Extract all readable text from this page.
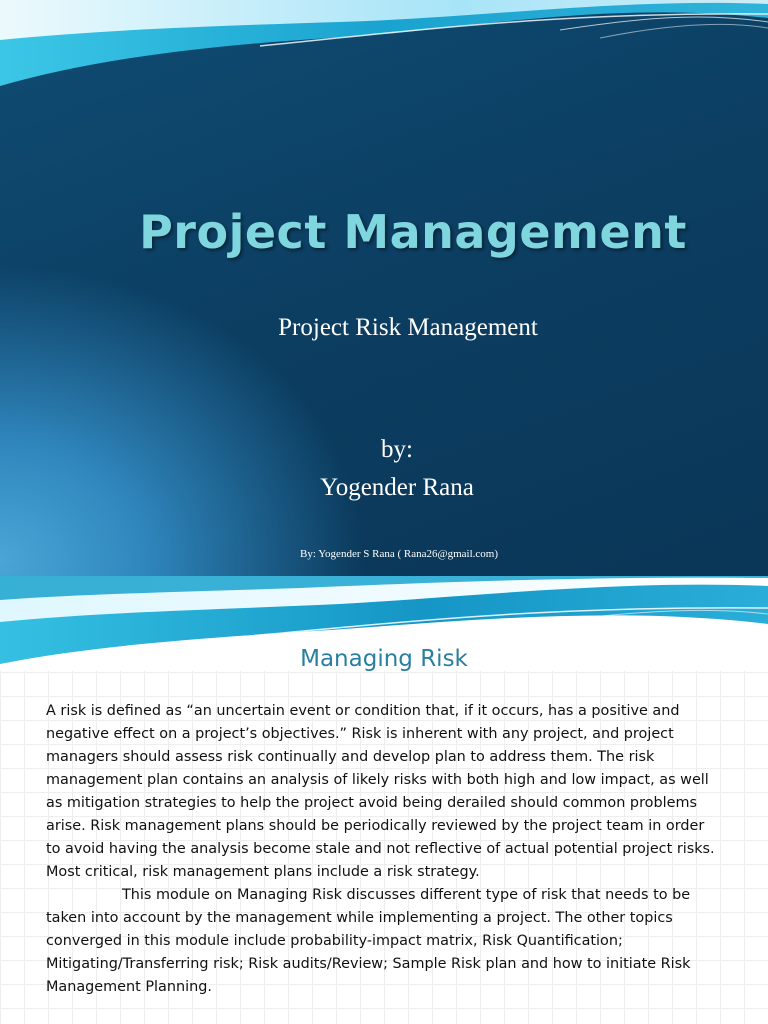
Project Management
Project Risk Management
by:
Yogender Rana
By: Yogender S Rana ( Rana26@gmail.com)
Managing Risk

A risk is defined as “an uncertain event or condition that, if it occurs, has a positive and negative effect on a project’s objectives.” Risk is inherent with any project, and project managers should assess risk continually and develop plan to address them. The risk management plan contains an analysis of likely risks with both high and low impact, as well as mitigation strategies to help the project avoid being derailed should common problems arise. Risk management plans should be periodically reviewed by the project team in order to avoid having the analysis become stale and not reflective of actual potential project risks. Most critical, risk management plans include a risk strategy.

This module on Managing Risk discusses different type of risk that needs to be taken into account by the management while implementing a project. The other topics converged in this module include probability-impact matrix, Risk Quantification; Mitigating/Transferring risk; Risk audits/Review; Sample Risk plan and how to initiate Risk Management Planning.
